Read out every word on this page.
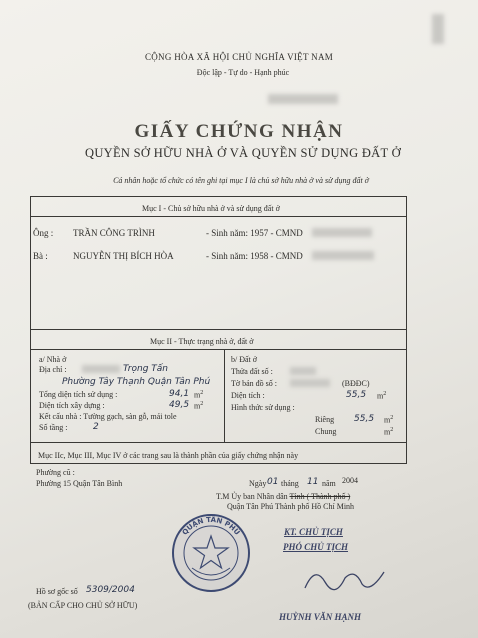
CỘNG HÒA XÃ HỘI CHỦ NGHĨA VIỆT NAM
Độc lập - Tự do - Hạnh phúc
GIẤY CHỨNG NHẬN
QUYỀN SỞ HỮU NHÀ Ở VÀ QUYỀN SỬ DỤNG ĐẤT Ở
Cá nhân hoặc tổ chức có tên ghi tại mục I là chủ sở hữu nhà ở và sử dụng đất ở
Mục I - Chủ sở hữu nhà ở và sử dụng đất ở
Ông : TRẦN CÔNG TRÌNH	- Sinh năm: 1957 - CMND
Bà :	NGUYỄN THỊ BÍCH HÒA	- Sinh năm: 1958 - CMND
Mục II - Thực trạng nhà ở, đất ở
a/ Nhà ở
Địa chỉ :	Trọng Tấn
Phường Tây Thạnh Quận Tân Phú
Tổng diện tích sử dụng :	94,1 $m^2$
Diện tích xây dựng :	49,5 $m^2$
Kết cấu nhà : Tường gạch, sàn gỗ, mái tole
Số tầng :	2
b/ Đất ở
Thửa đất số :
Tờ bản đồ số :	(BĐĐC)
Diện tích :	55,5 $m^2$
Hình thức sử dụng :
Riêng 55,5 $m^2$
Chung	$m^2$
Mục IIc, Mục III, Mục IV ở các trang sau là thành phần của giấy chứng nhận này
Phường cũ :
Phường 15 Quận Tân Bình	Ngày 01 tháng 11 năm 2004
T.M Ủy ban Nhân dân Tỉnh ( Thành phố )
Quận Tân Phú Thành phố Hồ Chí Minh
KT. CHỦ TỊCH
PHÓ CHỦ TỊCH
HUỲNH VĂN HẠNH
QUẬN TÂN PHÚ
Hồ sơ gốc số 5309/2004
(BẢN CẤP CHO CHỦ SỞ HỮU)
